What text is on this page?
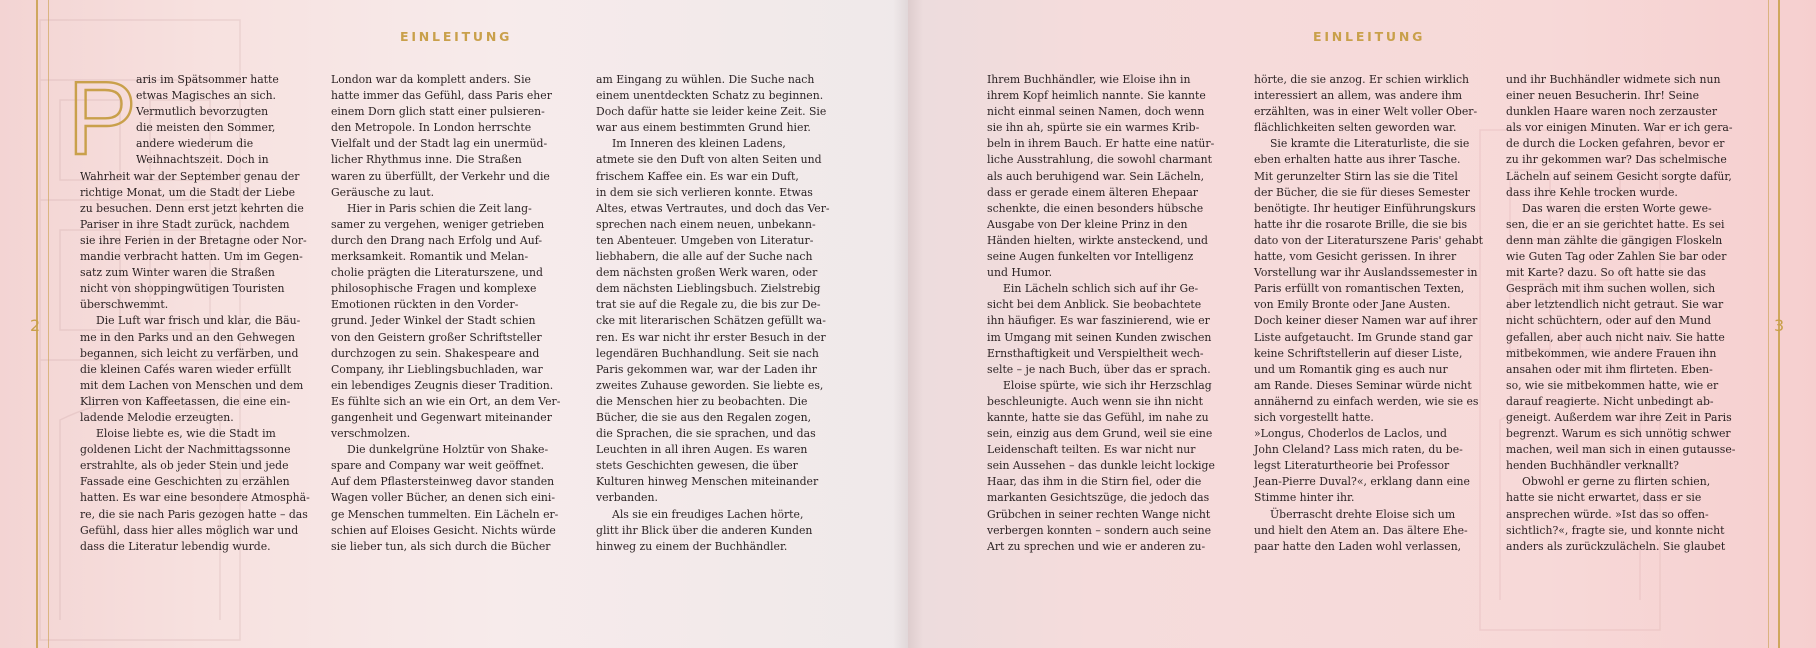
EINLEITUNG
2
P aris im Spätsommer hatte
etwas Magisches an sich.
Vermutlich bevorzugten
die meisten den Sommer,
andere wiederum die
Weihnachtszeit. Doch in
Wahrheit war der September genau der
richtige Monat, um die Stadt der Liebe
zu besuchen. Denn erst jetzt kehrten die
Pariser in ihre Stadt zurück, nachdem
sie ihre Ferien in der Bretagne oder Nor-
mandie verbracht hatten. Um im Gegen-
satz zum Winter waren die Straßen
nicht von shoppingwütigen Touristen
überschwemmt.
Die Luft war frisch und klar, die Bäu-
me in den Parks und an den Gehwegen
begannen, sich leicht zu verfärben, und
die kleinen Cafés waren wieder erfüllt
mit dem Lachen von Menschen und dem
Klirren von Kaffeetassen, die eine ein-
ladende Melodie erzeugten.
Eloise liebte es, wie die Stadt im
goldenen Licht der Nachmittagssonne
erstrahlte, als ob jeder Stein und jede
Fassade eine Geschichten zu erzählen
hatten. Es war eine besondere Atmosphä-
re, die sie nach Paris gezogen hatte – das
Gefühl, dass hier alles möglich war und
dass die Literatur lebendig wurde.
London war da komplett anders. Sie
hatte immer das Gefühl, dass Paris eher
einem Dorn glich statt einer pulsieren-
den Metropole. In London herrschte
Vielfalt und der Stadt lag ein unermüd-
licher Rhythmus inne. Die Straßen
waren zu überfüllt, der Verkehr und die
Geräusche zu laut.
Hier in Paris schien die Zeit lang-
samer zu vergehen, weniger getrieben
durch den Drang nach Erfolg und Auf-
merksamkeit. Romantik und Melan-
cholie prägten die Literaturszene, und
philosophische Fragen und komplexe
Emotionen rückten in den Vorder-
grund. Jeder Winkel der Stadt schien
von den Geistern großer Schriftsteller
durchzogen zu sein. Shakespeare and
Company, ihr Lieblingsbuchladen, war
ein lebendiges Zeugnis dieser Tradition.
Es fühlte sich an wie ein Ort, an dem Ver-
gangenheit und Gegenwart miteinander
verschmolzen.
Die dunkelgrüne Holztür von Shake-
spare and Company war weit geöffnet.
Auf dem Pflastersteinweg davor standen
Wagen voller Bücher, an denen sich eini-
ge Menschen tummelten. Ein Lächeln er-
schien auf Eloises Gesicht. Nichts würde
sie lieber tun, als sich durch die Bücher
am Eingang zu wühlen. Die Suche nach
einem unentdeckten Schatz zu beginnen.
Doch dafür hatte sie leider keine Zeit. Sie
war aus einem bestimmten Grund hier.
Im Inneren des kleinen Ladens,
atmete sie den Duft von alten Seiten und
frischem Kaffee ein. Es war ein Duft,
in dem sie sich verlieren konnte. Etwas
Altes, etwas Vertrautes, und doch das Ver-
sprechen nach einem neuen, unbekann-
ten Abenteuer. Umgeben von Literatur-
liebhabern, die alle auf der Suche nach
dem nächsten großen Werk waren, oder
dem nächsten Lieblingsbuch. Zielstrebig
trat sie auf die Regale zu, die bis zur De-
cke mit literarischen Schätzen gefüllt wa-
ren. Es war nicht ihr erster Besuch in der
legendären Buchhandlung. Seit sie nach
Paris gekommen war, war der Laden ihr
zweites Zuhause geworden. Sie liebte es,
die Menschen hier zu beobachten. Die
Bücher, die sie aus den Regalen zogen,
die Sprachen, die sie sprachen, und das
Leuchten in all ihren Augen. Es waren
stets Geschichten gewesen, die über
Kulturen hinweg Menschen miteinander
verbanden.
Als sie ein freudiges Lachen hörte,
glitt ihr Blick über die anderen Kunden
hinweg zu einem der Buchhändler.
EINLEITUNG
3
Ihrem Buchhändler, wie Eloise ihn in
ihrem Kopf heimlich nannte. Sie kannte
nicht einmal seinen Namen, doch wenn
sie ihn ah, spürte sie ein warmes Krib-
beln in ihrem Bauch. Er hatte eine natür-
liche Ausstrahlung, die sowohl charmant
als auch beruhigend war. Sein Lächeln,
dass er gerade einem älteren Ehepaar
schenkte, die einen besonders hübsche
Ausgabe von Der kleine Prinz in den
Händen hielten, wirkte ansteckend, und
seine Augen funkelten vor Intelligenz
und Humor.
Ein Lächeln schlich sich auf ihr Ge-
sicht bei dem Anblick. Sie beobachtete
ihn häufiger. Es war faszinierend, wie er
im Umgang mit seinen Kunden zwischen
Ernsthaftigkeit und Verspieltheit wech-
selte – je nach Buch, über das er sprach.
Eloise spürte, wie sich ihr Herzschlag
beschleunigte. Auch wenn sie ihn nicht
kannte, hatte sie das Gefühl, im nahe zu
sein, einzig aus dem Grund, weil sie eine
Leidenschaft teilten. Es war nicht nur
sein Aussehen – das dunkle leicht lockige
Haar, das ihm in die Stirn fiel, oder die
markanten Gesichtszüge, die jedoch das
Grübchen in seiner rechten Wange nicht
verbergen konnten – sondern auch seine
Art zu sprechen und wie er anderen zu-
hörte, die sie anzog. Er schien wirklich
interessiert an allem, was andere ihm
erzählten, was in einer Welt voller Ober-
flächlichkeiten selten geworden war.
Sie kramte die Literaturliste, die sie
eben erhalten hatte aus ihrer Tasche.
Mit gerunzelter Stirn las sie die Titel
der Bücher, die sie für dieses Semester
benötigte. Ihr heutiger Einführungskurs
hatte ihr die rosarote Brille, die sie bis
dato von der Literaturszene Paris' gehabt
hatte, vom Gesicht gerissen. In ihrer
Vorstellung war ihr Auslandssemester in
Paris erfüllt von romantischen Texten,
von Emily Bronte oder Jane Austen.
Doch keiner dieser Namen war auf ihrer
Liste aufgetaucht. Im Grunde stand gar
keine Schriftstellerin auf dieser Liste,
und um Romantik ging es auch nur
am Rande. Dieses Seminar würde nicht
annähernd zu einfach werden, wie sie es
sich vorgestellt hatte.
»Longus, Choderlos de Laclos, und
John Cleland? Lass mich raten, du be-
legst Literaturtheorie bei Professor
Jean-Pierre Duval?«, erklang dann eine
Stimme hinter ihr.
Überrascht drehte Eloise sich um
und hielt den Atem an. Das ältere Ehe-
paar hatte den Laden wohl verlassen,
und ihr Buchhändler widmete sich nun
einer neuen Besucherin. Ihr! Seine
dunklen Haare waren noch zerzauster
als vor einigen Minuten. War er ich gera-
de durch die Locken gefahren, bevor er
zu ihr gekommen war? Das schelmische
Lächeln auf seinem Gesicht sorgte dafür,
dass ihre Kehle trocken wurde.
Das waren die ersten Worte gewe-
sen, die er an sie gerichtet hatte. Es sei
denn man zählte die gängigen Floskeln
wie Guten Tag oder Zahlen Sie bar oder
mit Karte? dazu. So oft hatte sie das
Gespräch mit ihm suchen wollen, sich
aber letztendlich nicht getraut. Sie war
nicht schüchtern, oder auf den Mund
gefallen, aber auch nicht naiv. Sie hatte
mitbekommen, wie andere Frauen ihn
ansahen oder mit ihm flirteten. Eben-
so, wie sie mitbekommen hatte, wie er
darauf reagierte. Nicht unbedingt ab-
geneigt. Außerdem war ihre Zeit in Paris
begrenzt. Warum es sich unnötig schwer
machen, weil man sich in einen gutausse-
henden Buchhändler verknallt?
Obwohl er gerne zu flirten schien,
hatte sie nicht erwartet, dass er sie
ansprechen würde. »Ist das so offen-
sichtlich?«, fragte sie, und konnte nicht
anders als zurückzulächeln. Sie glaubet
